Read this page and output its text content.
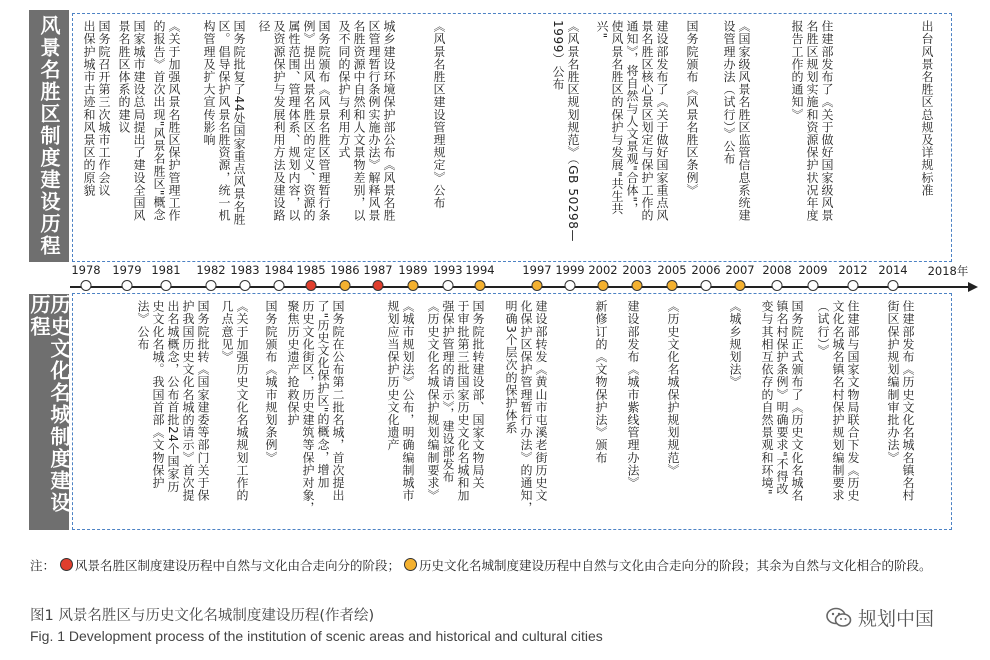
风景名胜区制度建设历程
历史文化名城制度建设历程
国务院召开第三次城市工作会议
出保护城市古迹和风景区的原貌	国家城市建设总局提出了建设全国风
景名胜区体系的建议	《关于加强风景名胜区保护管理工作
的报告》首次出现"风景名胜区"概念	国务院批复了44处国家重点风景名胜
区。倡导保护风景名胜资源，统一机
构管理及扩大宣传影响	国务院颁布《风景名胜区管理暂行条
例》提出风景名胜区的定义、资源的
属性范围、管理体系、规划内容，以
及资源保护与发展利用方法及建设路
径	城乡建设环境保护部公布《风景名胜
区管理暂行条例实施办法》解释风景
名胜资源中自然和人文景物差别，以
及不同的保护与利用方式	《风景名胜区建设管理规定》公布	《风景名胜区规划规范》（GB 50298—
1999）公布	建设部发布了《关于做好国家重点风
景名胜区核心景区划定与保护工作的
通知》，将自然与人文景观"合体"，
使风景名胜区的保护与发展"共生共
兴"	国务院颁布《风景名胜区条例》	《国家级风景名胜区监管信息系统建
设管理办法（试行）》公布	住建部发布了《关于做好国家级风景
名胜区规划实施和资源保护状况年度
报告工作的通知》	出台风景名胜区总规及详规标准
1978 1979 1981 1982 1983 1984 1985 1986 1987 1989 1993 1994 1997 1999 2002 2003 2005 2006 2007 2008 2009 2012 2014 2018年
国务院批转《国家建委等部门关于保
护我国历史文化名城的请示》首次提
出名城概念，公布首批24个国家历
史文化名城。我国首部《文物保护
法》公布	《关于加强历史文化名城规划工作的
几点意见》	国务院颁布《城市规划条例》	国务院在公布第二批名城，首次提出
了"历史文化保护区"的概念，增加
历史文化街区，历史建筑等保护对象，
聚焦历史遗产抢救保护	《城市规划法》公布，明确编制城市
规划应当保护历史文化遗产	国务院批转建设部、国家文物局关
于审批第三批国家历史文化名城和加
强保护管理的请示》，建设部发布
《历史文化名城保护规划编制要求》	建设部转发《黄山市屯溪老街历史文
化保护区保护管理暂行办法》的通知，
明确3个层次的保护体系	新修订的《文物保护法》颁布 建设部发布《城市紫线管理办法》 《历史文化名城保护规划规范》	《城乡规划法》	国务院正式颁布了《历史文化名城名
镇名村保护条例》明确要求"不得改
变与其相互依存的自然景观和环境"	住建部与国家文物局联合下发《历史
文化名城名镇名村保护规划编制要求
（试行）》	住建部发布《历史文化名城名镇名村
街区保护规划编制审批办法》
注：	风景名胜区制度建设历程中自然与文化由合走向分的阶段； 历史文化名城制度建设历程中自然与文化由合走向分的阶段；其余为自然与文化相合的阶段。
图1 风景名胜区与历史文化名城制度建设历程(作者绘)
Fig. 1 Development process of the institution of scenic areas and historical and cultural cities
规划中国
